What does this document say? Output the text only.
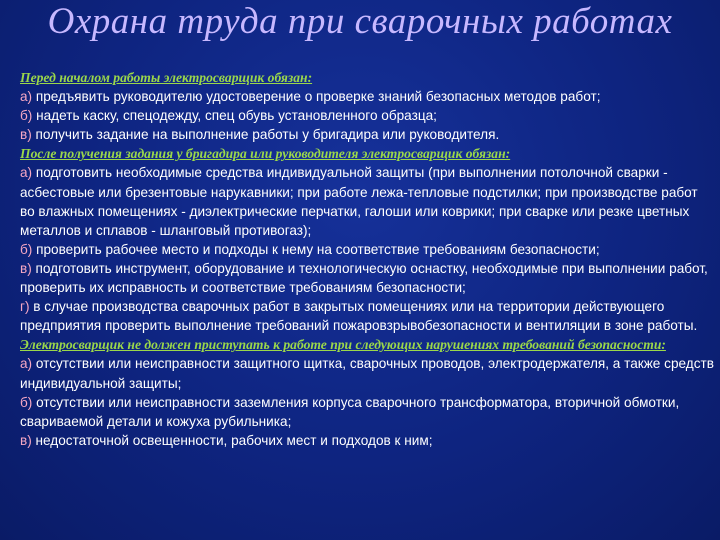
Охрана труда при сварочных работах
Перед началом работы электросварщик обязан:

а) предъявить руководителю удостоверение о проверке знаний безопасных методов работ;

б) надеть каску, спецодежду, спец обувь установленного образца;

в) получить задание на выполнение работы у бригадира или руководителя.

После получения задания у бригадира или руководителя электросварщик обязан:

а) подготовить необходимые средства индивидуальной защиты (при выполнении потолочной сварки - асбестовые или брезентовые нарукавники; при работе лежа-тепловые подстилки; при производстве работ во влажных помещениях - диэлектрические перчатки, галоши или коврики; при сварке или резке цветных металлов и сплавов - шланговый противогаз);

б) проверить рабочее место и подходы к нему на соответствие требованиям безопасности;

в) подготовить инструмент, оборудование и технологическую оснастку, необходимые при выполнении работ, проверить их исправность и соответствие требованиям безопасности;

г) в случае производства сварочных работ в закрытых помещениях или на территории действующего предприятия проверить выполнение требований пожаровзрывобезопасности и вентиляции в зоне работы.

Электросварщик не должен приступать к работе при следующих нарушениях требований безопасности:

а) отсутствии или неисправности защитного щитка, сварочных проводов, электродержателя, а также средств индивидуальной защиты;

б) отсутствии или неисправности заземления корпуса сварочного трансформатора, вторичной обмотки, свариваемой детали и кожуха рубильника;

в) недостаточной освещенности, рабочих мест и подходов к ним;
